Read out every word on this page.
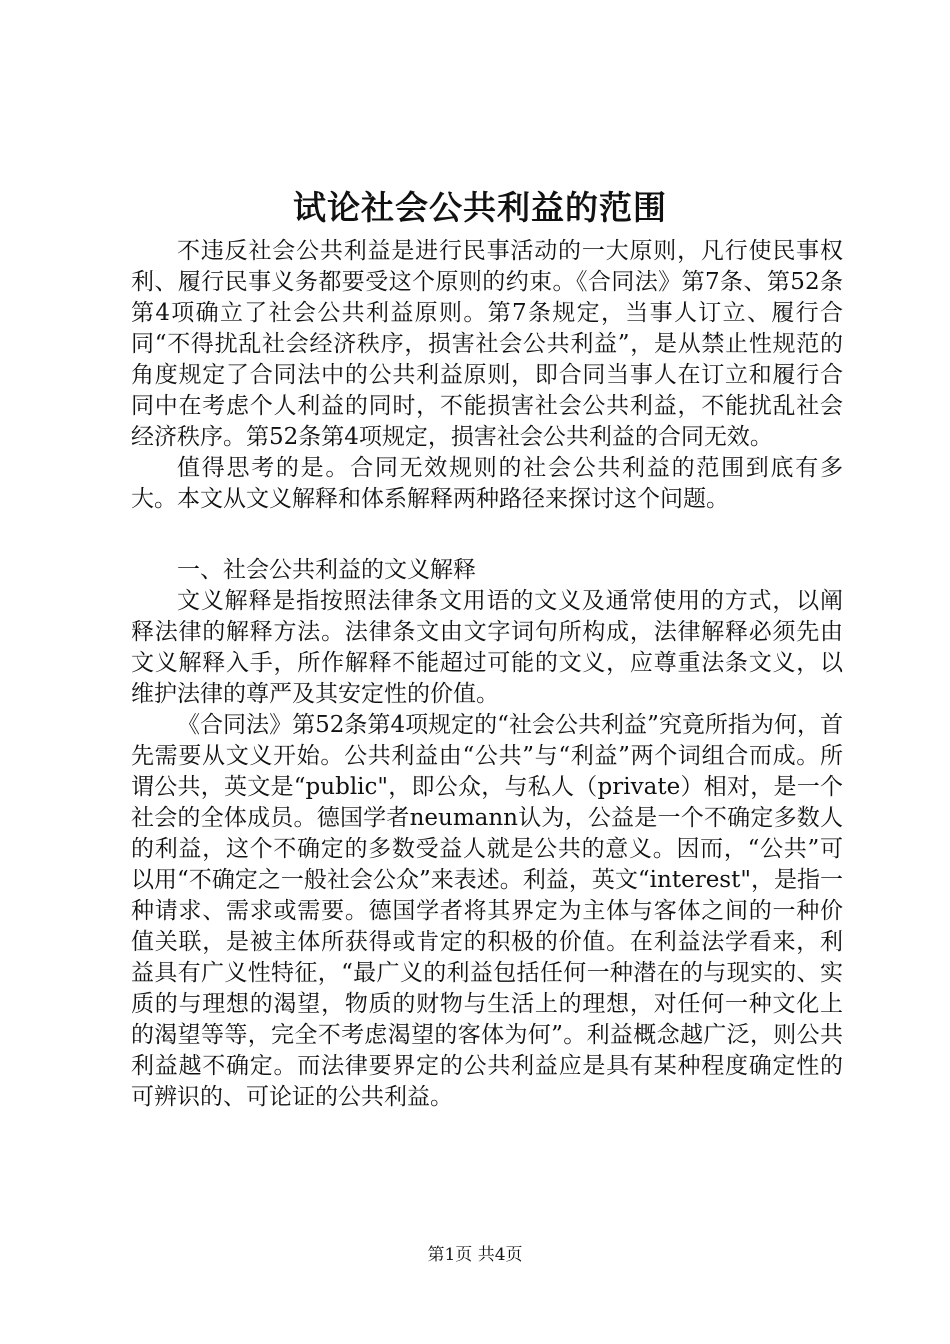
试论社会公共利益的范围

不违反社会公共利益是进行民事活动的一大原则，凡行使民事权利、履行民事义务都要受这个原则的约束。《合同法》第7条、第52条第4项确立了社会公共利益原则。第7条规定，当事人订立、履行合同“不得扰乱社会经济秩序，损害社会公共利益”，是从禁止性规范的角度规定了合同法中的公共利益原则，即合同当事人在订立和履行合同中在考虑个人利益的同时，不能损害社会公共利益，不能扰乱社会经济秩序。第52条第4项规定，损害社会公共利益的合同无效。

值得思考的是。合同无效规则的社会公共利益的范围到底有多大。本文从文义解释和体系解释两种路径来探讨这个问题。

一、社会公共利益的文义解释

文义解释是指按照法律条文用语的文义及通常使用的方式，以阐释法律的解释方法。法律条文由文字词句所构成，法律解释必须先由文义解释入手，所作解释不能超过可能的文义，应尊重法条文义，以维护法律的尊严及其安定性的价值。

《合同法》第52条第4项规定的“社会公共利益”究竟所指为何，首先需要从文义开始。公共利益由“公共”与“利益”两个词组合而成。所谓公共，英文是“public"，即公众，与私人（private）相对，是一个社会的全体成员。德国学者neumann认为，公益是一个不确定多数人的利益，这个不确定的多数受益人就是公共的意义。因而，“公共”可以用“不确定之一般社会公众”来表述。利益，英文“interest"，是指一种请求、需求或需要。德国学者将其界定为主体与客体之间的一种价值关联，是被主体所获得或肯定的积极的价值。在利益法学看来，利益具有广义性特征，“最广义的利益包括任何一种潜在的与现实的、实质的与理想的渴望，物质的财物与生活上的理想，对任何一种文化上的渴望等等，完全不考虑渴望的客体为何”。利益概念越广泛，则公共利益越不确定。而法律要界定的公共利益应是具有某种程度确定性的可辨识的、可论证的公共利益。

第1页 共4页
